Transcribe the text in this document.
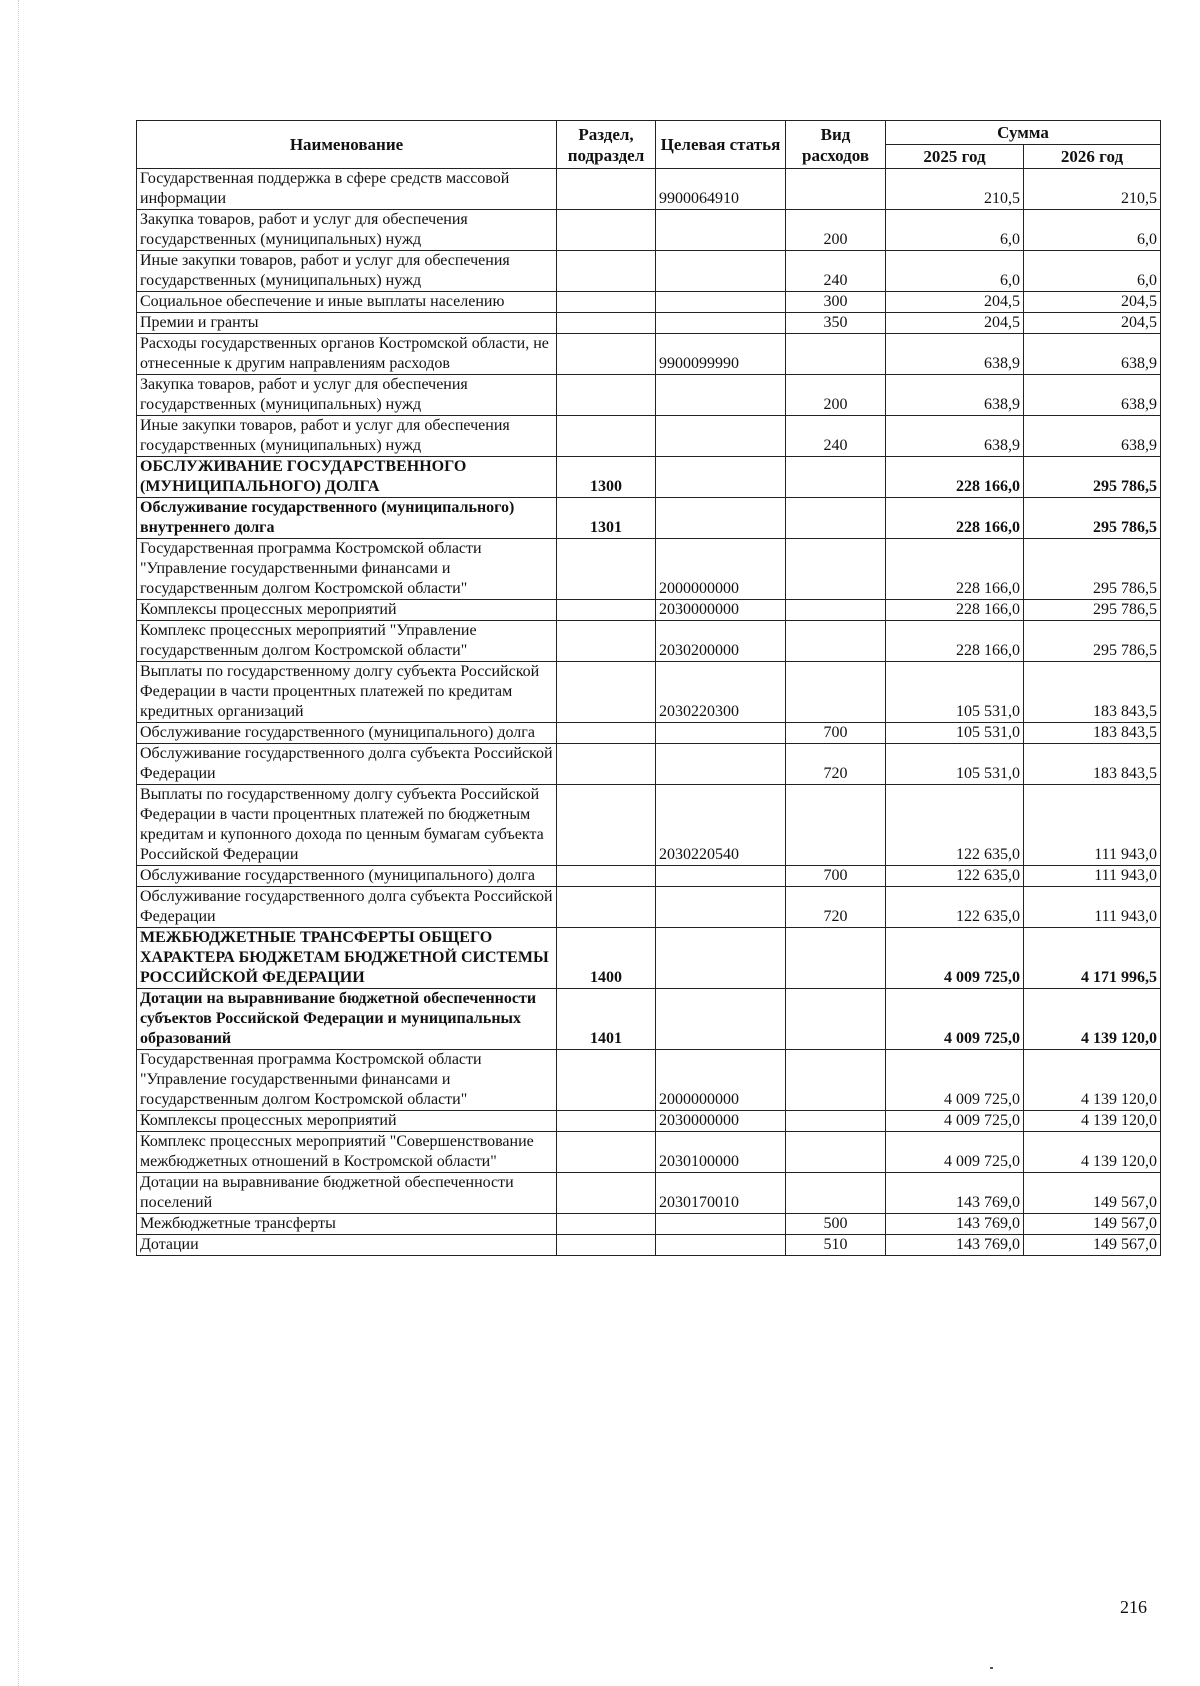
Наименование	Раздел, подраздел	Целевая статья	Вид расходов	Сумма	
				2025 год	2026 год
Государственная поддержка в сфере средств массовой информации		9900064910		210,5	210,5
Закупка товаров, работ и услуг для обеспечения государственных (муниципальных) нужд			200	6,0	6,0
Иные закупки товаров, работ и услуг для обеспечения государственных (муниципальных) нужд			240	6,0	6,0
Социальное обеспечение и иные выплаты населению			300	204,5	204,5
Премии и гранты			350	204,5	204,5
Расходы государственных органов Костромской области, не отнесенные к другим направлениям расходов		9900099990		638,9	638,9
Закупка товаров, работ и услуг для обеспечения государственных (муниципальных) нужд			200	638,9	638,9
Иные закупки товаров, работ и услуг для обеспечения государственных (муниципальных) нужд			240	638,9	638,9
ОБСЛУЖИВАНИЕ ГОСУДАРСТВЕННОГО (МУНИЦИПАЛЬНОГО) ДОЛГА	1300			228 166,0	295 786,5
Обслуживание государственного (муниципального) внутреннего долга	1301			228 166,0	295 786,5
Государственная программа Костромской области "Управление государственными финансами и государственным долгом Костромской области"		2000000000		228 166,0	295 786,5
Комплексы процессных мероприятий		2030000000		228 166,0	295 786,5
Комплекс процессных мероприятий "Управление государственным долгом Костромской области"		2030200000		228 166,0	295 786,5
Выплаты по государственному долгу субъекта Российской Федерации в части процентных платежей по кредитам кредитных организаций		2030220300		105 531,0	183 843,5
Обслуживание государственного (муниципального) долга			700	105 531,0	183 843,5
Обслуживание государственного долга субъекта Российской Федерации			720	105 531,0	183 843,5
Выплаты по государственному долгу субъекта Российской Федерации в части процентных платежей по бюджетным кредитам и купонного дохода по ценным бумагам субъекта Российской Федерации		2030220540		122 635,0	111 943,0
Обслуживание государственного (муниципального) долга			700	122 635,0	111 943,0
Обслуживание государственного долга субъекта Российской Федерации			720	122 635,0	111 943,0
МЕЖБЮДЖЕТНЫЕ ТРАНСФЕРТЫ ОБЩЕГО ХАРАКТЕРА БЮДЖЕТАМ БЮДЖЕТНОЙ СИСТЕМЫ РОССИЙСКОЙ ФЕДЕРАЦИИ	1400			4 009 725,0	4 171 996,5
Дотации на выравнивание бюджетной обеспеченности субъектов Российской Федерации и муниципальных образований	1401			4 009 725,0	4 139 120,0
Государственная программа Костромской области "Управление государственными финансами и государственным долгом Костромской области"		2000000000		4 009 725,0	4 139 120,0
Комплексы процессных мероприятий		2030000000		4 009 725,0	4 139 120,0
Комплекс процессных мероприятий "Совершенствование межбюджетных отношений в Костромской области"		2030100000		4 009 725,0	4 139 120,0
Дотации на выравнивание бюджетной обеспеченности поселений		2030170010		143 769,0	149 567,0
Межбюджетные трансферты			500	143 769,0	149 567,0
Дотации			510	143 769,0	149 567,0
216
